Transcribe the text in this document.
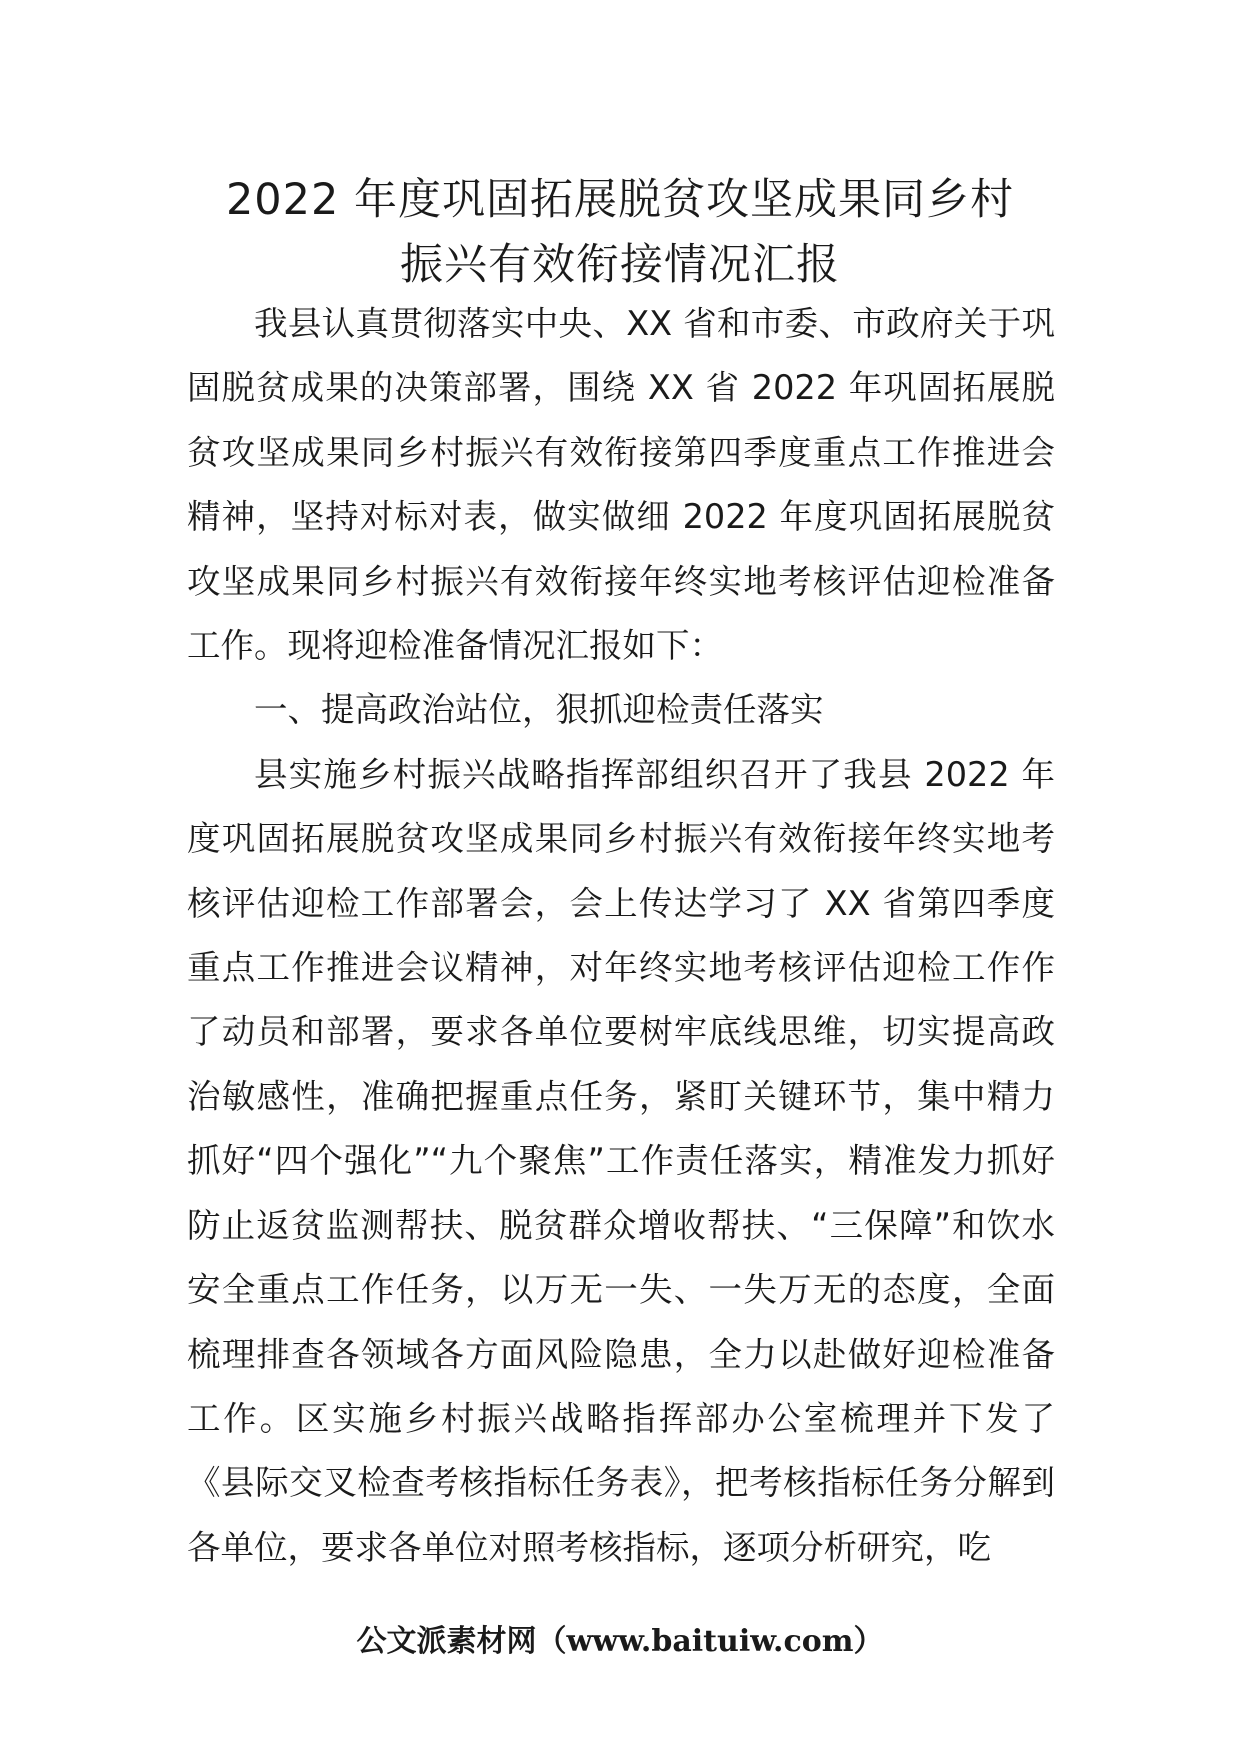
2022 年度巩固拓展脱贫攻坚成果同乡村
振兴有效衔接情况汇报

我县认真贯彻落实中央、XX 省和市委、市政府关于巩固脱贫成果的决策部署，围绕 XX 省 2022 年巩固拓展脱贫攻坚成果同乡村振兴有效衔接第四季度重点工作推进会精神，坚持对标对表，做实做细 2022 年度巩固拓展脱贫攻坚成果同乡村振兴有效衔接年终实地考核评估迎检准备工作。现将迎检准备情况汇报如下：

一、提高政治站位，狠抓迎检责任落实

县实施乡村振兴战略指挥部组织召开了我县 2022 年度巩固拓展脱贫攻坚成果同乡村振兴有效衔接年终实地考核评估迎检工作部署会，会上传达学习了 XX 省第四季度重点工作推进会议精神，对年终实地考核评估迎检工作作了动员和部署，要求各单位要树牢底线思维，切实提高政治敏感性，准确把握重点任务，紧盯关键环节，集中精力抓好“四个强化”“九个聚焦”工作责任落实，精准发力抓好防止返贫监测帮扶、脱贫群众增收帮扶、“三保障”和饮水安全重点工作任务，以万无一失、一失万无的态度，全面梳理排查各领域各方面风险隐患，全力以赴做好迎检准备工作。区实施乡村振兴战略指挥部办公室梳理并下发了《县际交叉检查考核指标任务表》，把考核指标任务分解到各单位，要求各单位对照考核指标，逐项分析研究，吃

公文派素材网（www.baituiw.com）
